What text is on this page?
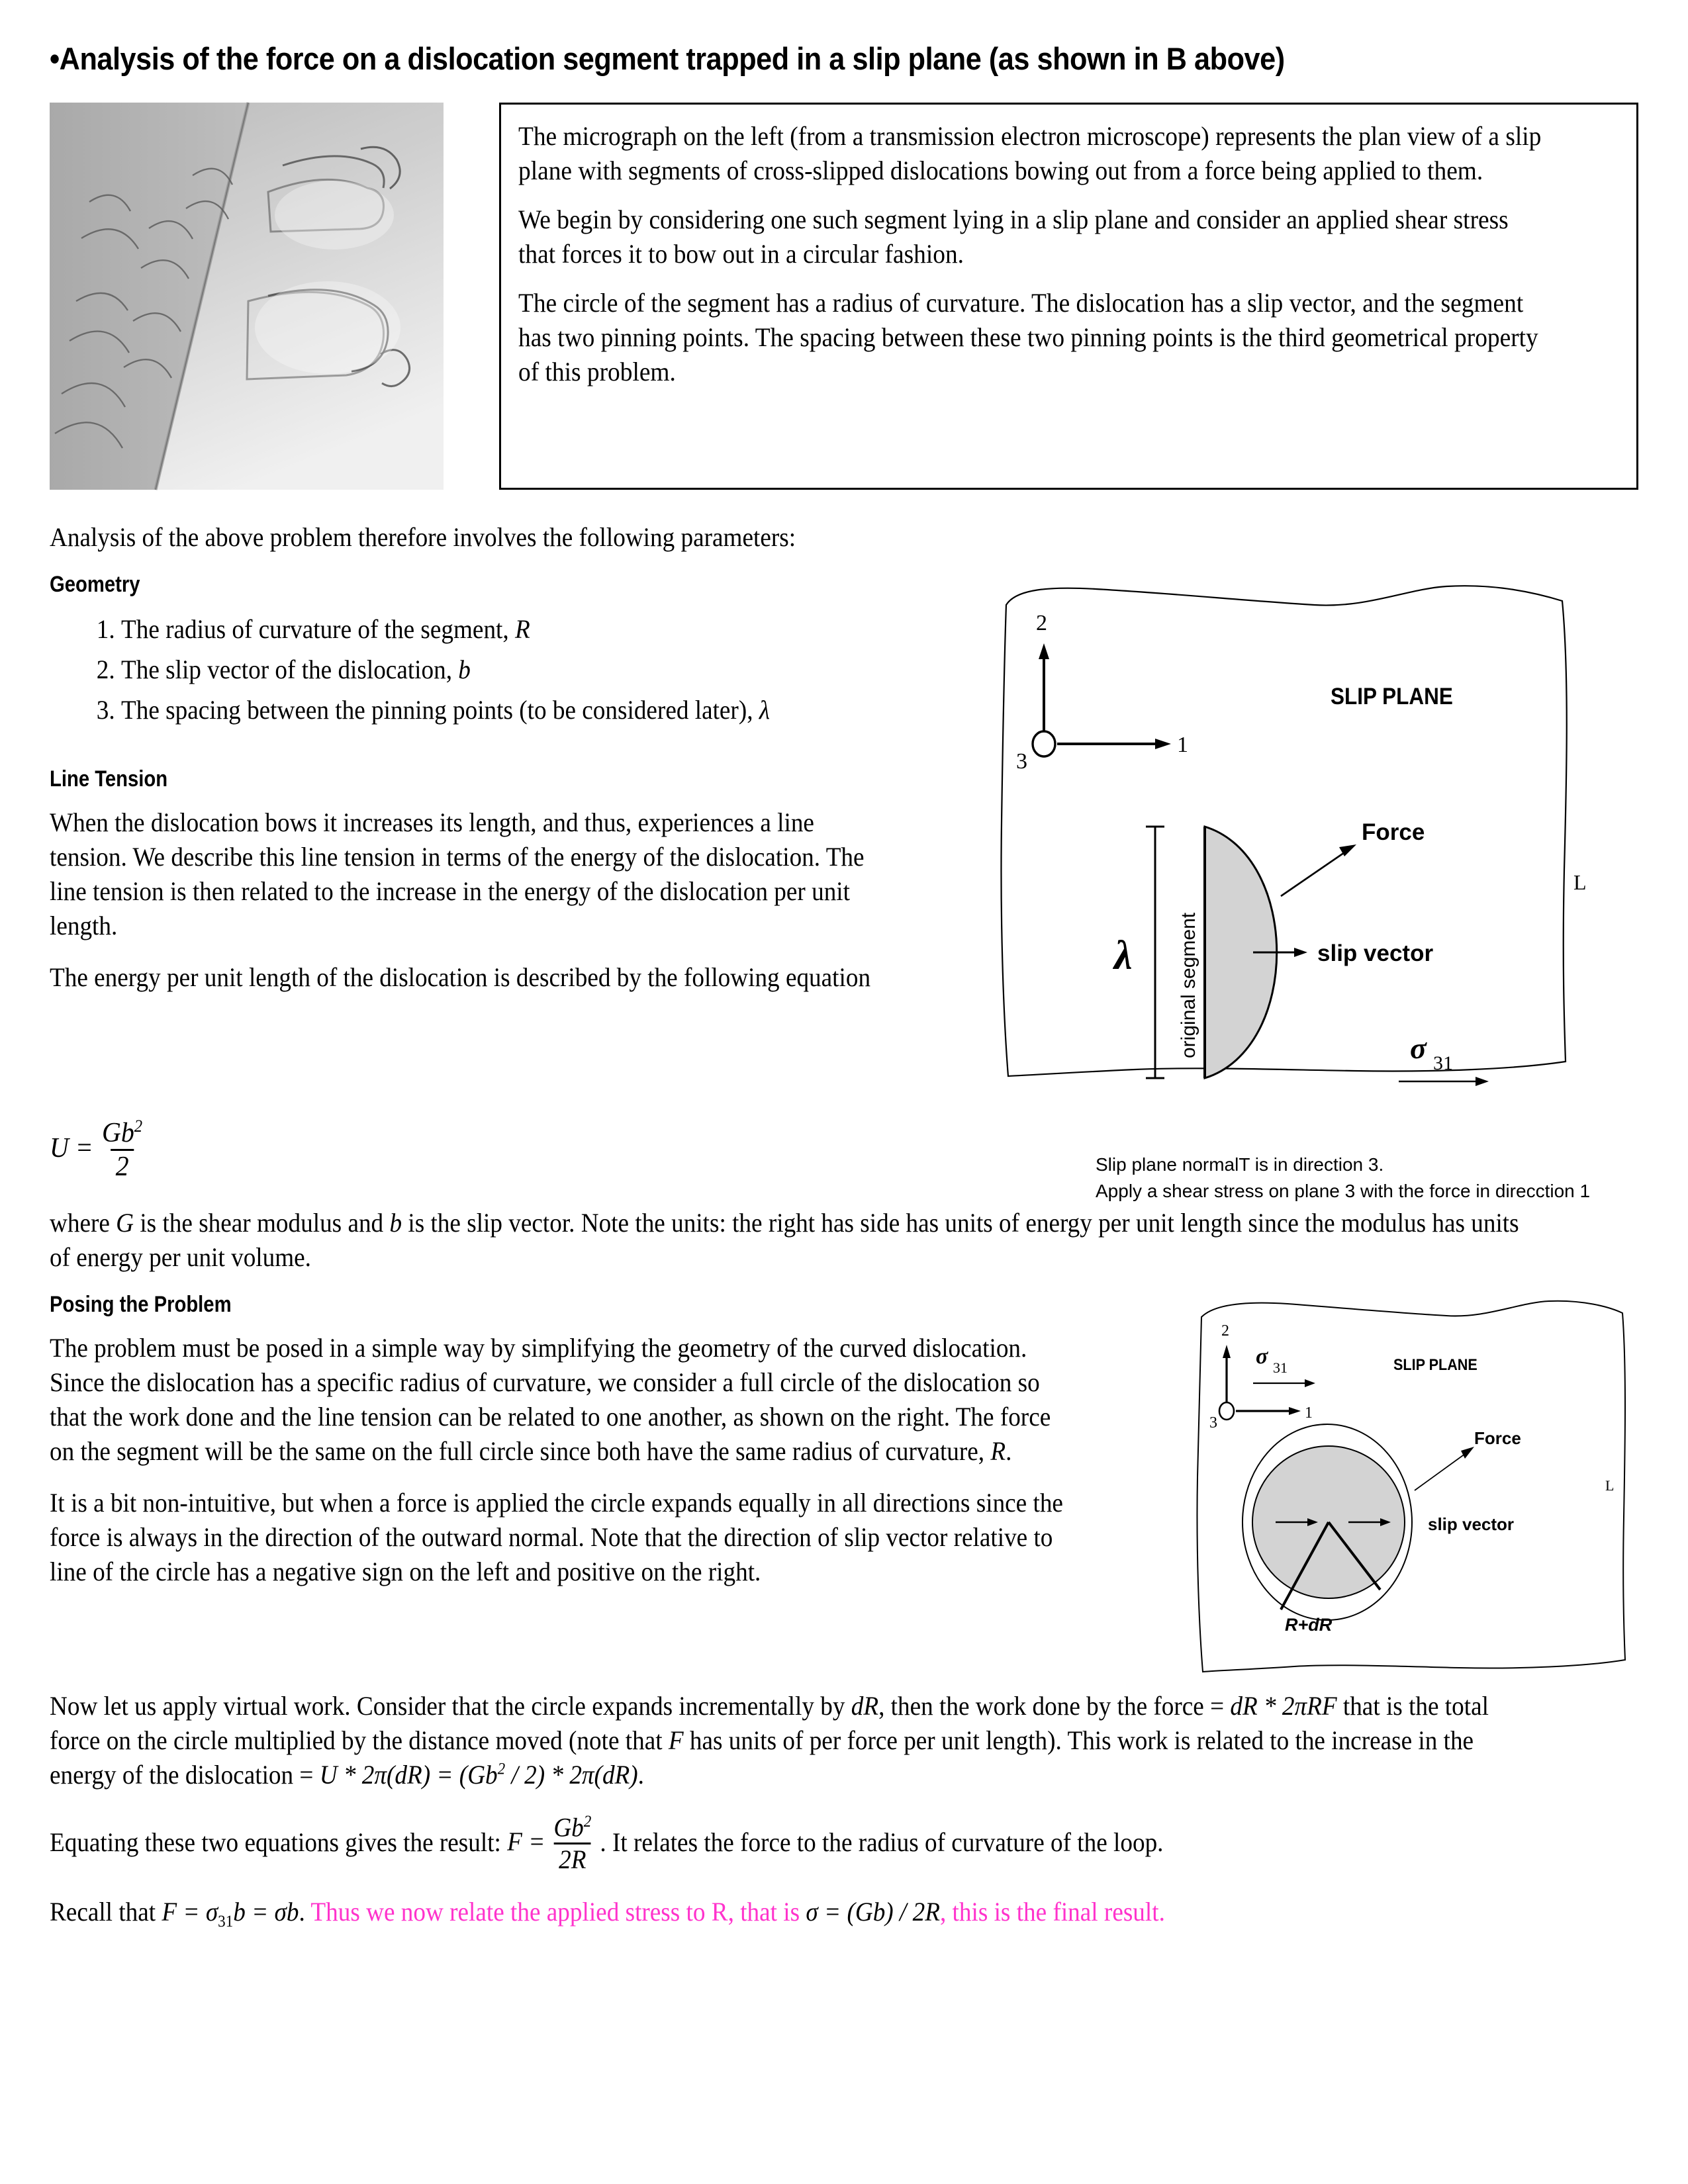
•Analysis of the force on a dislocation segment trapped in a slip plane (as shown in B above)

The micrograph on the left (from a transmission electron microscope) represents the plan view of a slip plane with segments of cross-slipped dislocations bowing out from a force being applied to them.

We begin by considering one such segment lying in a slip plane and consider an applied shear stress that forces it to bow out in a circular fashion.

The circle of the segment has a radius of curvature. The dislocation has a slip vector, and the segment has two pinning points. The spacing between these two pinning points is the third geometrical property of this problem.

Analysis of the above problem therefore involves the following parameters:
Geometry
1. The radius of curvature of the segment, R
2. The slip vector of the dislocation, b
3. The spacing between the pinning points (to be considered later), λ
Line Tension
When the dislocation bows it increases its length, and thus, experiences a line tension. We describe this line tension in terms of the energy of the dislocation. The line tension is then related to the increase in the energy of the dislocation per unit length.
The energy per unit length of the dislocation is described by the following equation
2
1
3
SLIP PLANE
L
λ original segment
Force
slip vector
σ 31
Slip plane normalT is in direction 3.
Apply a shear stress on plane 3 with the force in direcction 1
$U = \frac{Gb^2}{2}$
where G is the shear modulus and b is the slip vector. Note the units: the right has side has units of energy per unit length since the modulus has units of energy per unit volume.
Posing the Problem
The problem must be posed in a simple way by simplifying the geometry of the curved dislocation. Since the dislocation has a specific radius of curvature, we consider a full circle of the dislocation so that the work done and the line tension can be related to one another, as shown on the right. The force on the segment will be the same on the full circle since both have the same radius of curvature, R.
It is a bit non-intuitive, but when a force is applied the circle expands equally in all directions since the force is always in the direction of the outward normal. Note that the direction of slip vector relative to line of the circle has a negative sign on the left and positive on the right.
2
1
3
σ 31	SLIP PLANE
L
R+dR
Force
slip vector
Now let us apply virtual work. Consider that the circle expands incrementally by dR, then the work done by the force = dR * 2πRF that is the total force on the circle multiplied by the distance moved (note that F has units of per force per unit length). This work is related to the increase in the energy of the dislocation = $U * 2\pi(dR) = (Gb^2 / 2) * 2\pi(dR)$.
Equating these two equations gives the result: $F = \frac{Gb^2}{2R}$ . It relates the force to the radius of curvature of the loop.
Recall that $F = \sigma_{31}b = \sigma b$. Thus we now relate the applied stress to R, that is σ = (Gb) / 2R, this is the final result.
